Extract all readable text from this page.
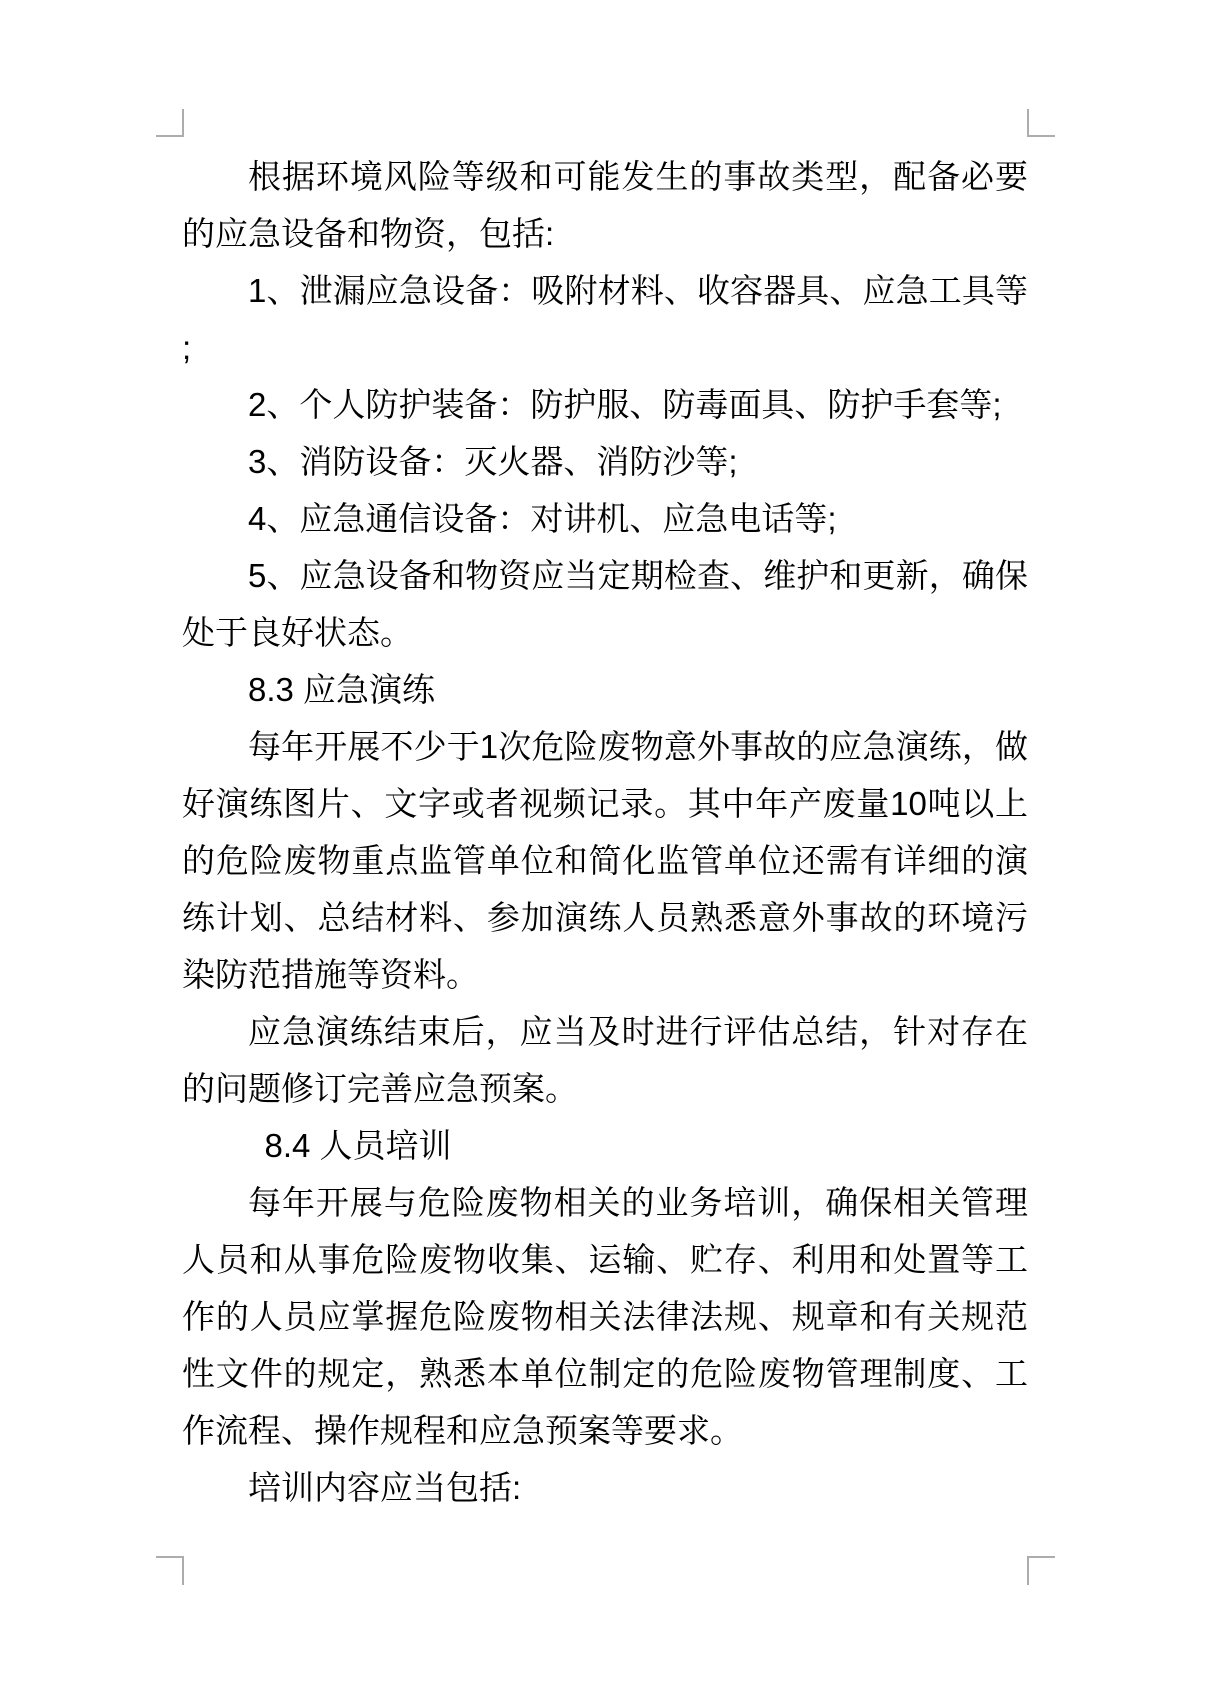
根据环境风险等级和可能发生的事故类型，配备必要
的应急设备和物资，包括:
1、泄漏应急设备：吸附材料、收容器具、应急工具等
;
2、个人防护装备：防护服、防毒面具、防护手套等;
3、消防设备：灭火器、消防沙等;
4、应急通信设备：对讲机、应急电话等;
5、应急设备和物资应当定期检查、维护和更新，确保
处于良好状态。
8.3 应急演练
每年开展不少于1次危险废物意外事故的应急演练，做
好演练图片、文字或者视频记录。其中年产废量10吨以上
的危险废物重点监管单位和简化监管单位还需有详细的演
练计划、总结材料、参加演练人员熟悉意外事故的环境污
染防范措施等资料。
应急演练结束后，应当及时进行评估总结，针对存在
的问题修订完善应急预案。
8.4 人员培训
每年开展与危险废物相关的业务培训，确保相关管理
人员和从事危险废物收集、运输、贮存、利用和处置等工
作的人员应掌握危险废物相关法律法规、规章和有关规范
性文件的规定，熟悉本单位制定的危险废物管理制度、工
作流程、操作规程和应急预案等要求。
培训内容应当包括:
